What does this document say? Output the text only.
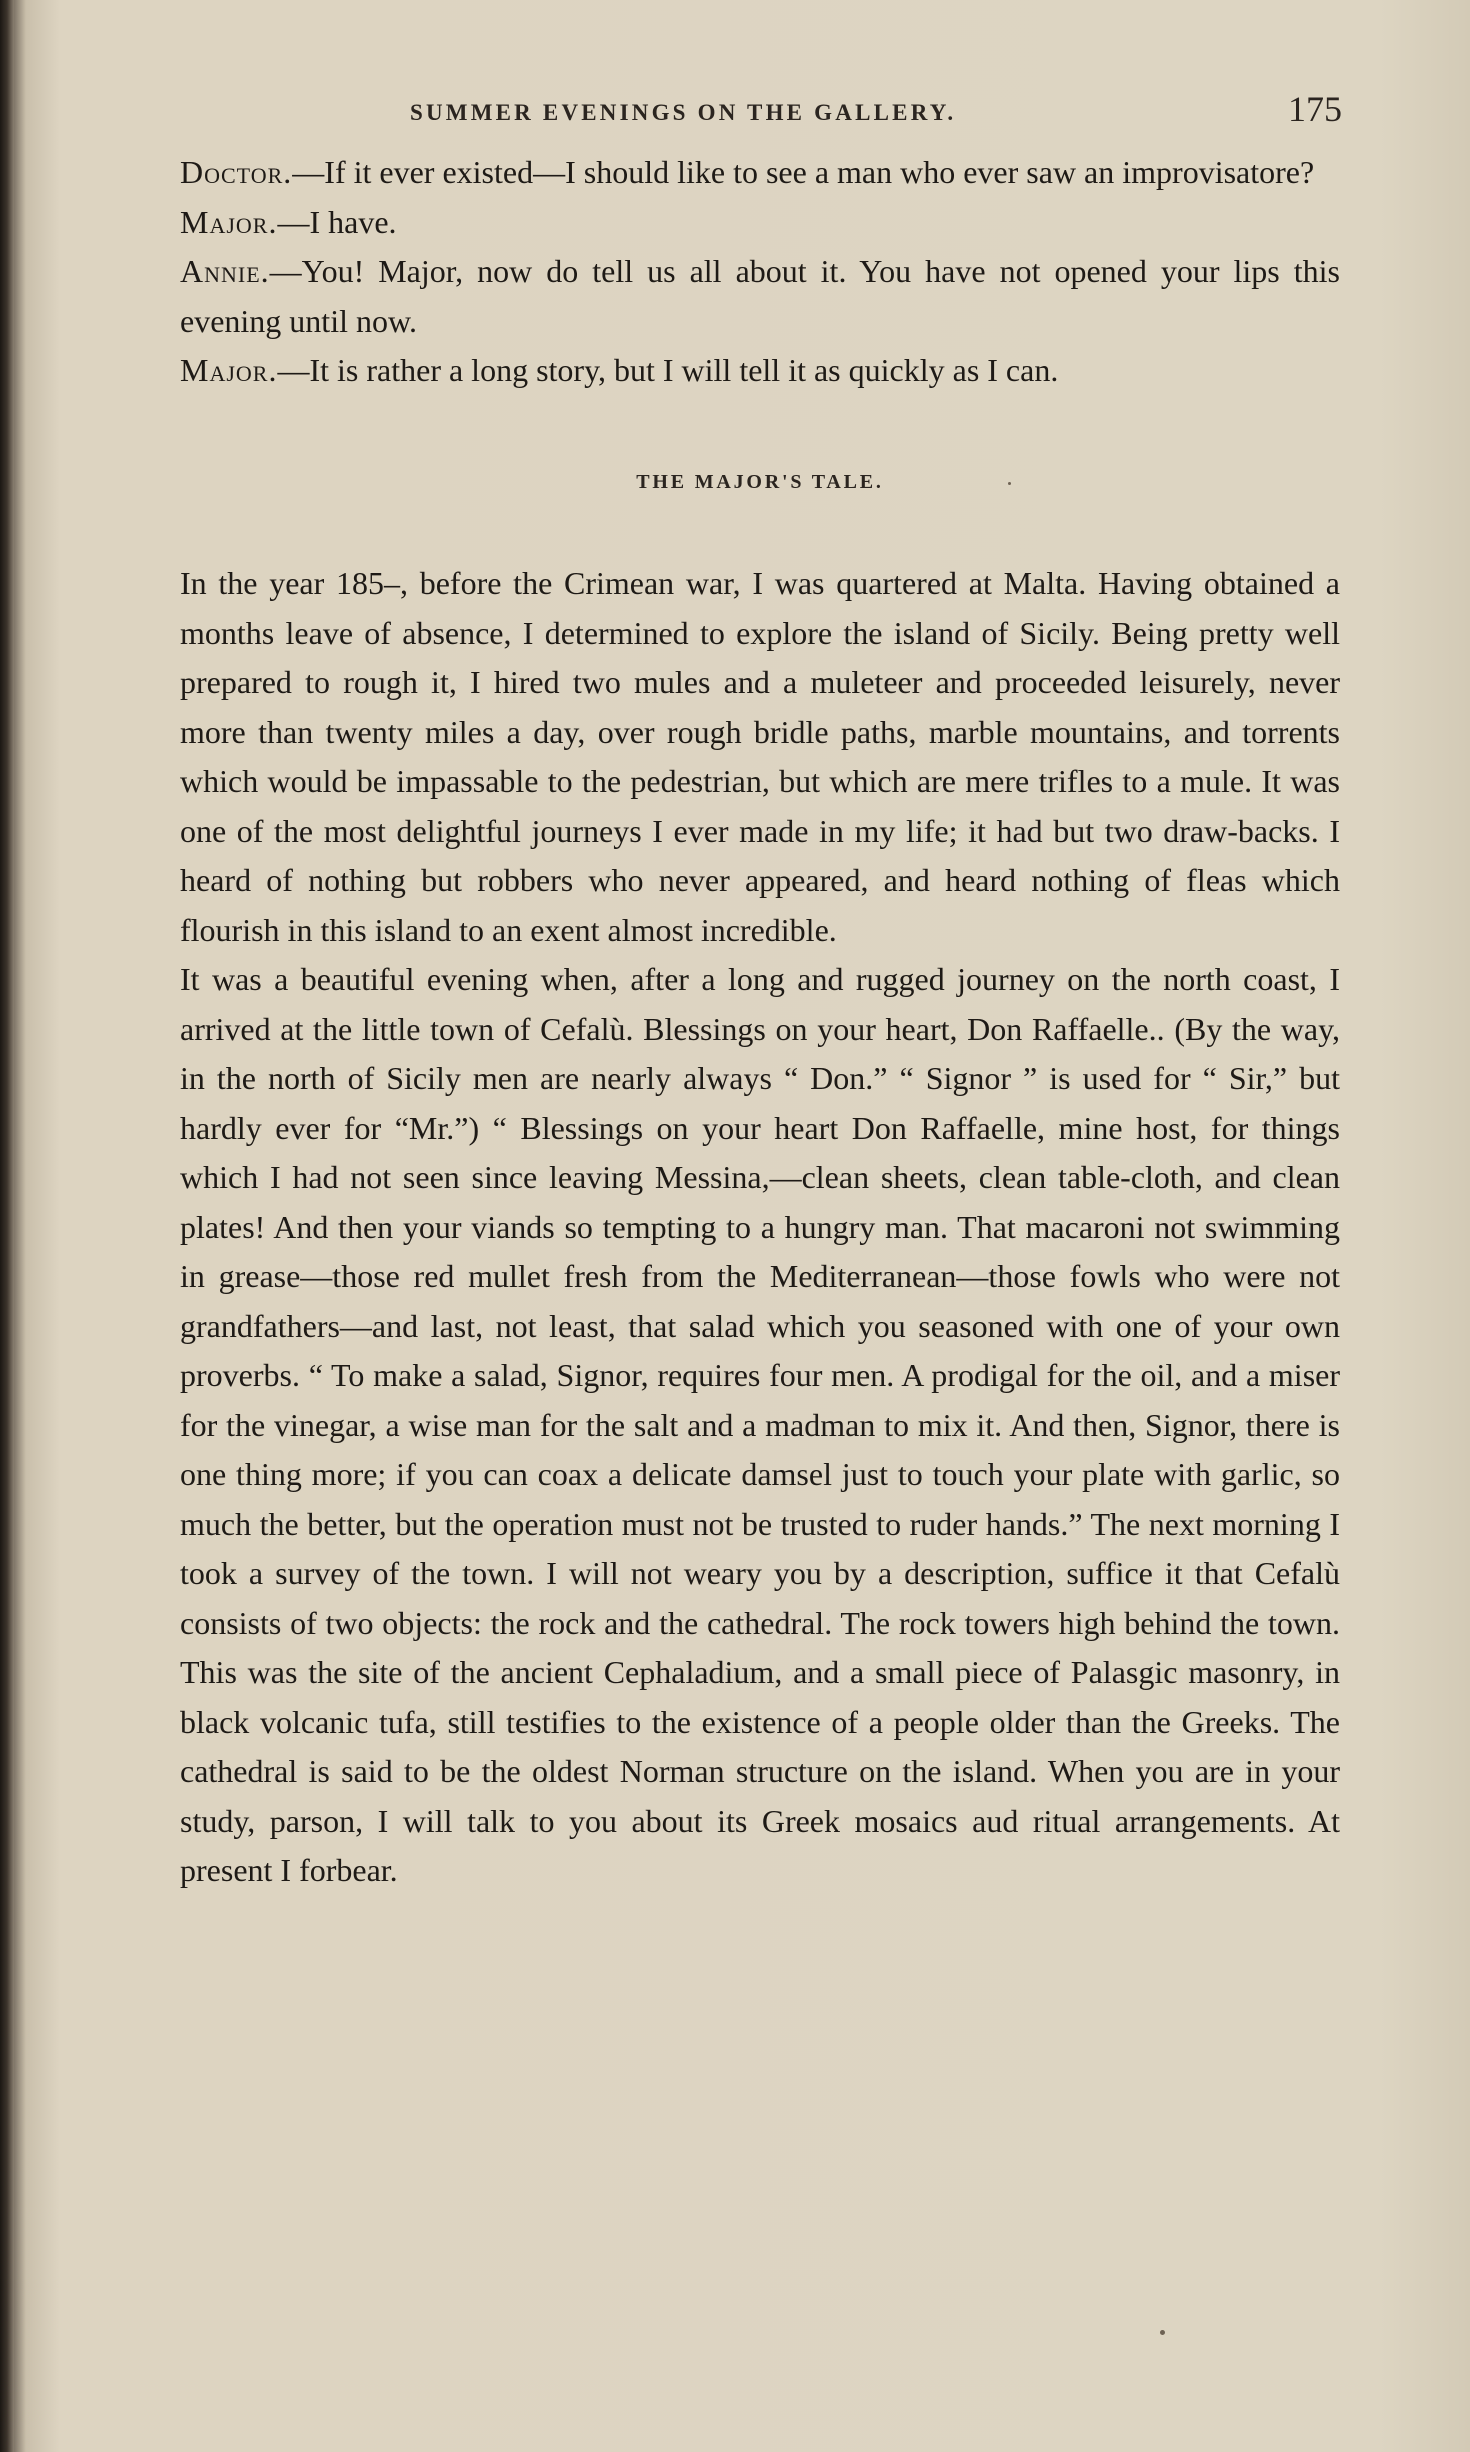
SUMMER EVENINGS ON THE GALLERY.	175

Doctor.—If it ever existed—I should like to see a man who ever saw an improvisatore?

Major.—I have.

Annie.—You! Major, now do tell us all about it. You have not opened your lips this evening until now.

Major.—It is rather a long story, but I will tell it as quickly as I can.

THE MAJOR'S TALE.

In the year 185–, before the Crimean war, I was quartered at Malta. Having obtained a months leave of absence, I determined to explore the island of Sicily. Being pretty well prepared to rough it, I hired two mules and a muleteer and proceeded leisurely, never more than twenty miles a day, over rough bridle paths, marble mountains, and torrents which would be impassable to the pedestrian, but which are mere trifles to a mule. It was one of the most delightful journeys I ever made in my life; it had but two draw-backs. I heard of nothing but robbers who never appeared, and heard nothing of fleas which flourish in this island to an exent almost incredible.

It was a beautiful evening when, after a long and rugged journey on the north coast, I arrived at the little town of Cefalù. Blessings on your heart, Don Raffaelle.. (By the way, in the north of Sicily men are nearly always “ Don.” “ Signor ” is used for “ Sir,” but hardly ever for “Mr.”) “ Blessings on your heart Don Raffaelle, mine host, for things which I had not seen since leaving Messina,—clean sheets, clean table-cloth, and clean plates! And then your viands so tempting to a hungry man. That macaroni not swimming in grease—those red mullet fresh from the Mediterranean—those fowls who were not grandfathers—and last, not least, that salad which you seasoned with one of your own proverbs. “ To make a salad, Signor, requires four men. A prodigal for the oil, and a miser for the vinegar, a wise man for the salt and a madman to mix it. And then, Signor, there is one thing more; if you can coax a delicate damsel just to touch your plate with garlic, so much the better, but the operation must not be trusted to ruder hands.” The next morning I took a survey of the town. I will not weary you by a description, suffice it that Cefalù consists of two objects: the rock and the cathedral. The rock towers high behind the town. This was the site of the ancient Cephaladium, and a small piece of Palasgic masonry, in black volcanic tufa, still testifies to the existence of a people older than the Greeks. The cathedral is said to be the oldest Norman structure on the island. When you are in your study, parson, I will talk to you about its Greek mosaics aud ritual arrangements. At present I forbear.
